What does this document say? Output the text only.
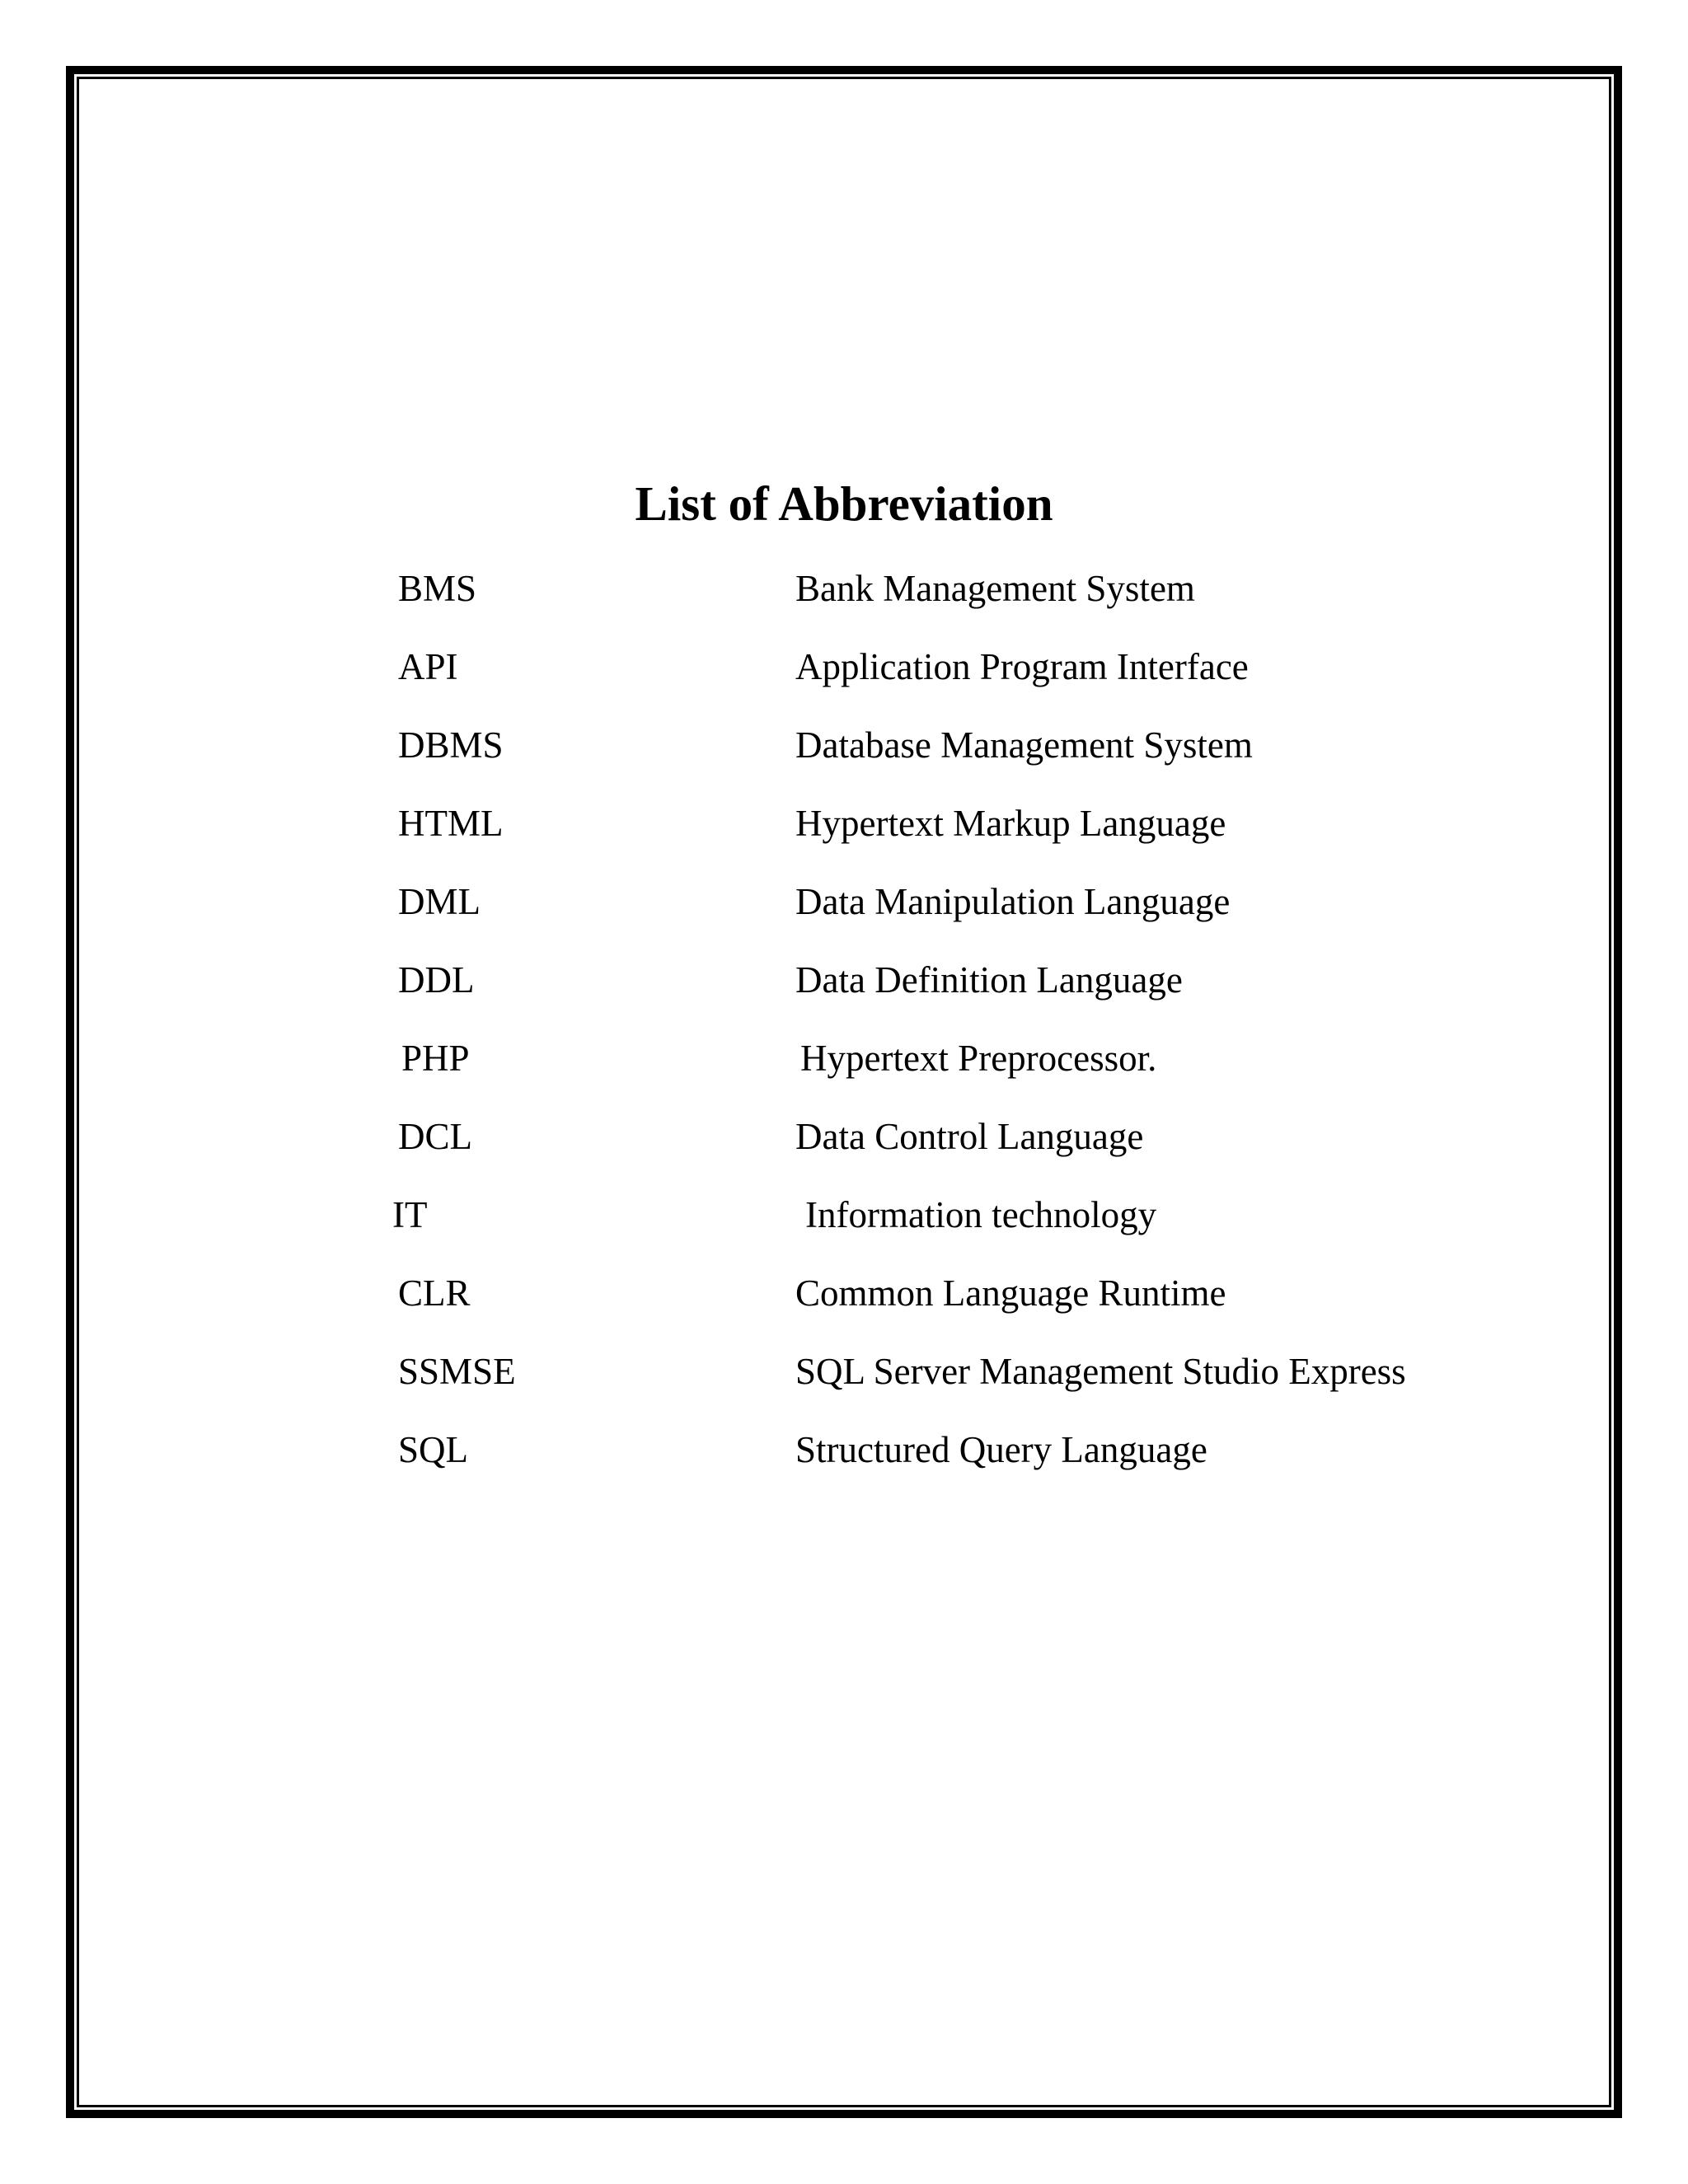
List of Abbreviation
BMS	Bank Management System
API	Application Program Interface
DBMS	Database Management System
HTML	Hypertext Markup Language
DML	Data Manipulation Language
DDL	Data Definition Language
PHP	Hypertext Preprocessor.
DCL	Data Control Language
IT	Information technology
CLR	Common Language Runtime
SSMSE	SQL Server Management Studio Express
SQL	Structured Query Language
